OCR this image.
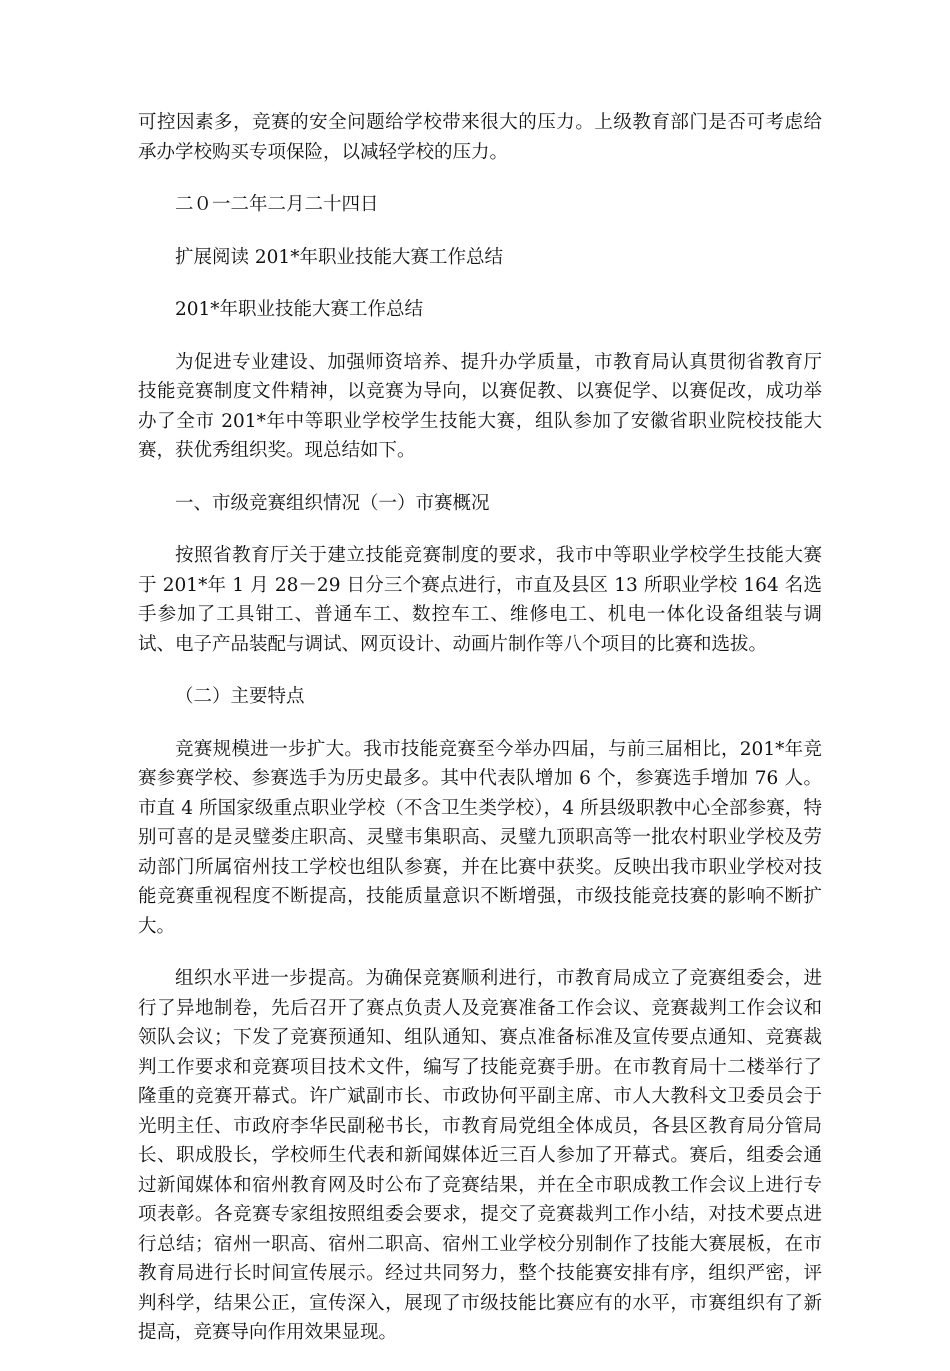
可控因素多，竞赛的安全问题给学校带来很大的压力。上级教育部门是否可考虑给承办学校购买专项保险，以减轻学校的压力。

二０一二年二月二十四日

扩展阅读 201*年职业技能大赛工作总结

201*年职业技能大赛工作总结

为促进专业建设、加强师资培养、提升办学质量，市教育局认真贯彻省教育厅技能竞赛制度文件精神，以竞赛为导向，以赛促教、以赛促学、以赛促改，成功举办了全市 201*年中等职业学校学生技能大赛，组队参加了安徽省职业院校技能大赛，获优秀组织奖。现总结如下。

一、市级竞赛组织情况（一）市赛概况

按照省教育厅关于建立技能竞赛制度的要求，我市中等职业学校学生技能大赛于 201*年 1 月 28－29 日分三个赛点进行，市直及县区 13 所职业学校 164 名选手参加了工具钳工、普通车工、数控车工、维修电工、机电一体化设备组装与调试、电子产品装配与调试、网页设计、动画片制作等八个项目的比赛和选拔。

（二）主要特点

竞赛规模进一步扩大。我市技能竞赛至今举办四届，与前三届相比，201*年竞赛参赛学校、参赛选手为历史最多。其中代表队增加 6 个，参赛选手增加 76 人。市直 4 所国家级重点职业学校（不含卫生类学校），4 所县级职教中心全部参赛，特别可喜的是灵璧娄庄职高、灵璧韦集职高、灵璧九顶职高等一批农村职业学校及劳动部门所属宿州技工学校也组队参赛，并在比赛中获奖。反映出我市职业学校对技能竞赛重视程度不断提高，技能质量意识不断增强，市级技能竞技赛的影响不断扩大。

组织水平进一步提高。为确保竞赛顺利进行，市教育局成立了竞赛组委会，进行了异地制卷，先后召开了赛点负责人及竞赛准备工作会议、竞赛裁判工作会议和领队会议；下发了竞赛预通知、组队通知、赛点准备标准及宣传要点通知、竞赛裁判工作要求和竞赛项目技术文件，编写了技能竞赛手册。在市教育局十二楼举行了隆重的竞赛开幕式。许广斌副市长、市政协何平副主席、市人大教科文卫委员会于光明主任、市政府李华民副秘书长，市教育局党组全体成员，各县区教育局分管局长、职成股长，学校师生代表和新闻媒体近三百人参加了开幕式。赛后，组委会通过新闻媒体和宿州教育网及时公布了竞赛结果，并在全市职成教工作会议上进行专项表彰。各竞赛专家组按照组委会要求，提交了竞赛裁判工作小结，对技术要点进行总结；宿州一职高、宿州二职高、宿州工业学校分别制作了技能大赛展板，在市教育局进行长时间宣传展示。经过共同努力，整个技能赛安排有序，组织严密，评判科学，结果公正，宣传深入，展现了市级技能比赛应有的水平，市赛组织有了新提高，竞赛导向作用效果显现。
